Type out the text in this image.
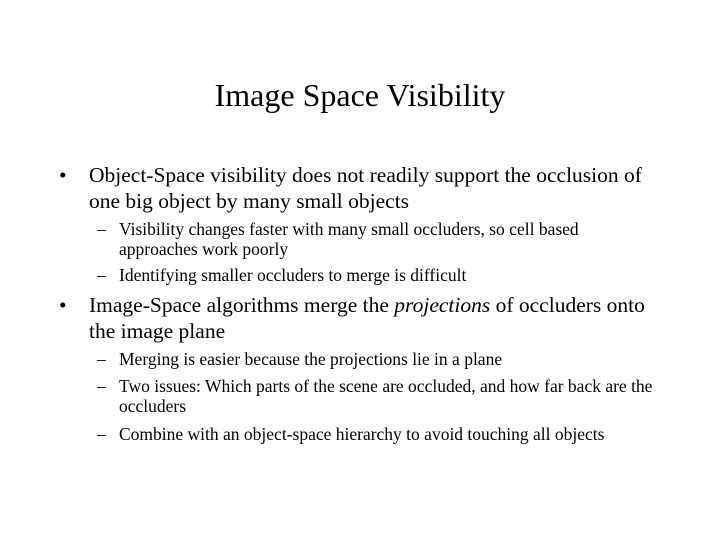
Image Space Visibility
• Object-Space visibility does not readily support the occlusion of one big object by many small objects
– Visibility changes faster with many small occluders, so cell based approaches work poorly
– Identifying smaller occluders to merge is difficult
• Image-Space algorithms merge the projections of occluders onto the image plane
– Merging is easier because the projections lie in a plane
– Two issues: Which parts of the scene are occluded, and how far back are the occluders
– Combine with an object-space hierarchy to avoid touching all objects
